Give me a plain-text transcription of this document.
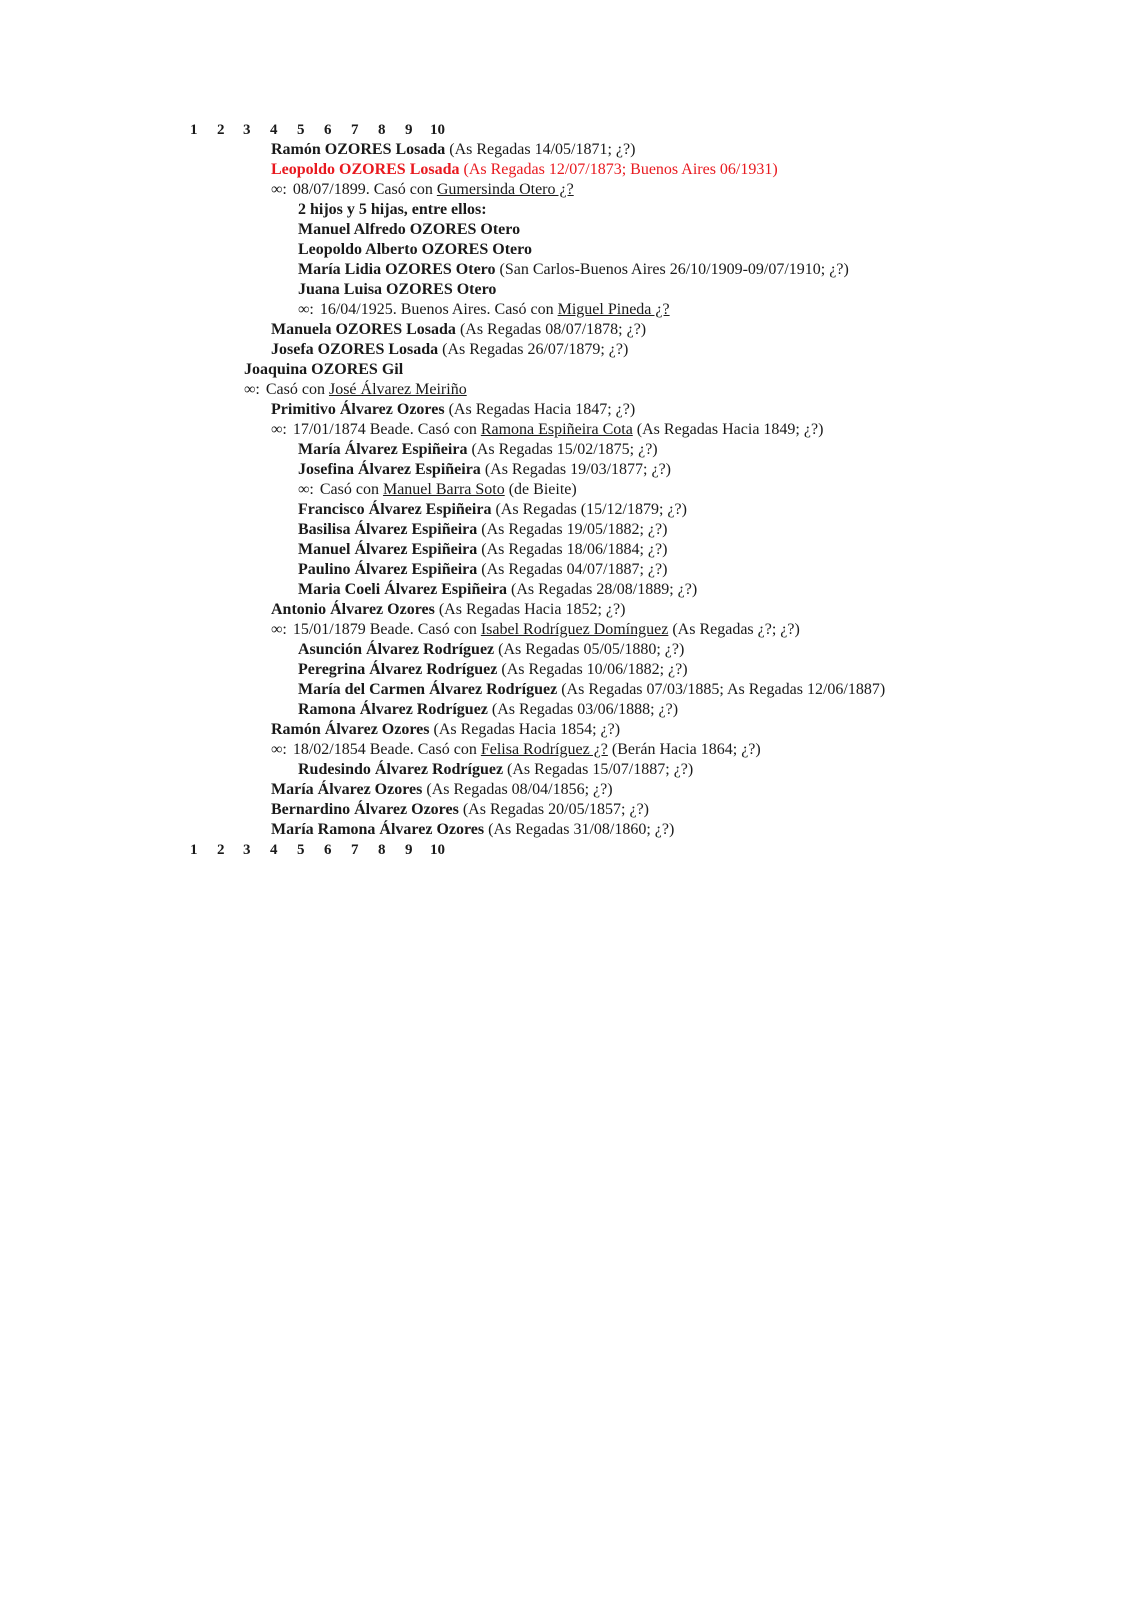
1 2 3 4 5 6 7 8 9 10
Ramón OZORES Losada (As Regadas 14/05/1871; ¿?)
Leopoldo OZORES Losada (As Regadas 12/07/1873; Buenos Aires 06/1931)
∞: 08/07/1899. Casó con Gumersinda Otero ¿?
2 hijos y 5 hijas, entre ellos:
Manuel Alfredo OZORES Otero
Leopoldo Alberto OZORES Otero
María Lidia OZORES Otero (San Carlos-Buenos Aires 26/10/1909-09/07/1910; ¿?)
Juana Luisa OZORES Otero
∞: 16/04/1925. Buenos Aires. Casó con Miguel Pineda ¿?
Manuela OZORES Losada (As Regadas 08/07/1878; ¿?)
Josefa OZORES Losada (As Regadas 26/07/1879; ¿?)
Joaquina OZORES Gil
∞: Casó con José Álvarez Meiriño
Primitivo Álvarez Ozores (As Regadas Hacia 1847; ¿?)
∞: 17/01/1874 Beade. Casó con Ramona Espiñeira Cota (As Regadas Hacia 1849; ¿?)
María Álvarez Espiñeira (As Regadas 15/02/1875; ¿?)
Josefina Álvarez Espiñeira (As Regadas 19/03/1877; ¿?)
∞: Casó con Manuel Barra Soto (de Bieite)
Francisco Álvarez Espiñeira (As Regadas (15/12/1879; ¿?)
Basilisa Álvarez Espiñeira (As Regadas 19/05/1882; ¿?)
Manuel Álvarez Espiñeira (As Regadas 18/06/1884; ¿?)
Paulino Álvarez Espiñeira (As Regadas 04/07/1887; ¿?)
Maria Coeli Álvarez Espiñeira (As Regadas 28/08/1889; ¿?)
Antonio Álvarez Ozores (As Regadas Hacia 1852; ¿?)
∞: 15/01/1879 Beade. Casó con Isabel Rodríguez Domínguez (As Regadas ¿?; ¿?)
Asunción Álvarez Rodríguez (As Regadas 05/05/1880; ¿?)
Peregrina Álvarez Rodríguez (As Regadas 10/06/1882; ¿?)
María del Carmen Álvarez Rodríguez (As Regadas 07/03/1885; As Regadas 12/06/1887)
Ramona Álvarez Rodríguez (As Regadas 03/06/1888; ¿?)
Ramón Álvarez Ozores (As Regadas Hacia 1854; ¿?)
∞: 18/02/1854 Beade. Casó con Felisa Rodríguez ¿? (Berán Hacia 1864; ¿?)
Rudesindo Álvarez Rodríguez (As Regadas 15/07/1887; ¿?)
María Álvarez Ozores (As Regadas 08/04/1856; ¿?)
Bernardino Álvarez Ozores (As Regadas 20/05/1857; ¿?)
María Ramona Álvarez Ozores (As Regadas 31/08/1860; ¿?)
1 2 3 4 5 6 7 8 9 10
